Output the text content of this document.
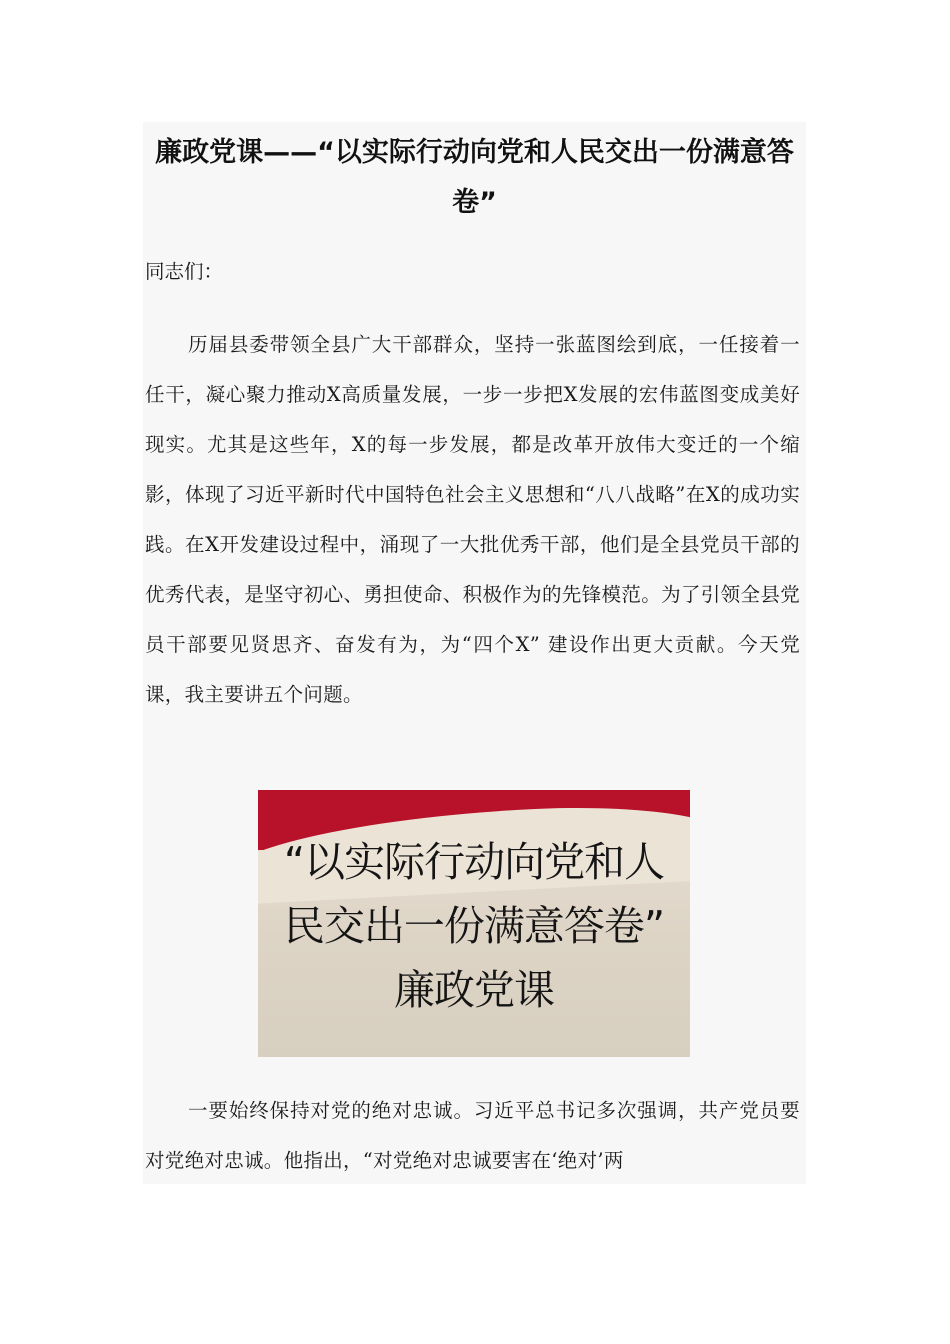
廉政党课——“以实际行动向党和人民交出一份满意答卷”

同志们：

历届县委带领全县广大干部群众，坚持一张蓝图绘到底，一任接着一任干，凝心聚力推动X高质量发展，一步一步把X发展的宏伟蓝图变成美好现实。尤其是这些年，X的每一步发展，都是改革开放伟大变迁的一个缩影，体现了习近平新时代中国特色社会主义思想和“八八战略”在X的成功实践。在X开发建设过程中，涌现了一大批优秀干部，他们是全县党员干部的优秀代表，是坚守初心、勇担使命、积极作为的先锋模范。为了引领全县党员干部要见贤思齐、奋发有为，为“四个X” 建设作出更大贡献。今天党课，我主要讲五个问题。

“以实际行动向党和人
民交出一份满意答卷”
廉政党课

一要始终保持对党的绝对忠诚。习近平总书记多次强调，共产党员要对党绝对忠诚。他指出，“对党绝对忠诚要害在‘绝对’两
